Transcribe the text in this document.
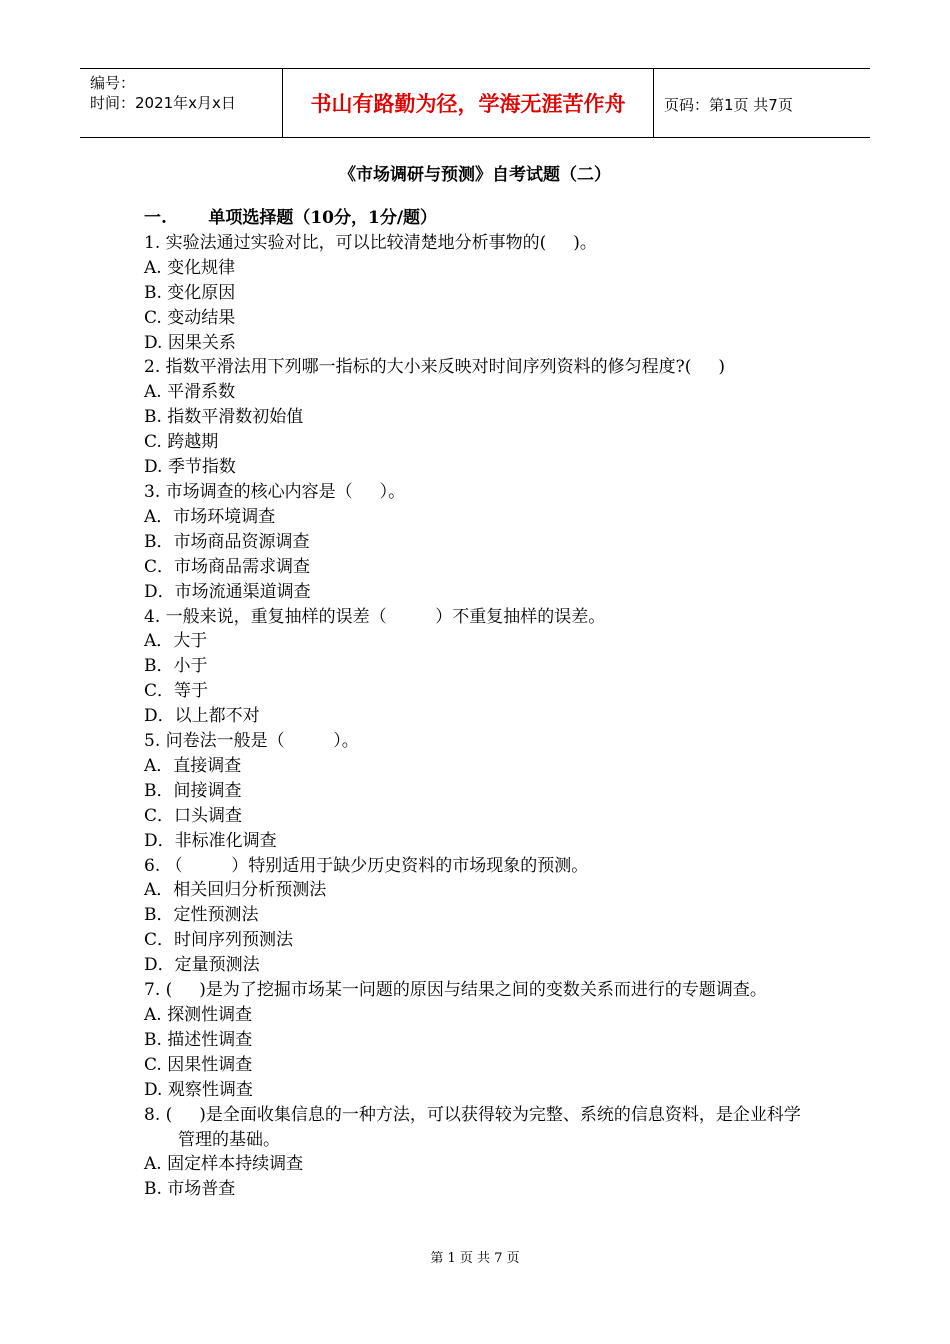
编号：
时间：2021年x月x日	书山有路勤为径，学海无涯苦作舟	页码：第1页 共7页
《市场调研与预测》自考试题（二）
一.       单项选择题（10分，1分/题）
1. 实验法通过实验对比，可以比较清楚地分析事物的(     )。
A. 变化规律
B. 变化原因
C. 变动结果
D. 因果关系
2. 指数平滑法用下列哪一指标的大小来反映对时间序列资料的修匀程度?(     )
A. 平滑系数
B. 指数平滑数初始值
C. 跨越期
D. 季节指数
3. 市场调查的核心内容是（     ）。
A．市场环境调查
B．市场商品资源调查
C．市场商品需求调查
D．市场流通渠道调查
4. 一般来说，重复抽样的误差（         ）不重复抽样的误差。
A．大于
B．小于
C．等于
D．以上都不对
5. 问卷法一般是（         ）。
A．直接调查
B．间接调查
C．口头调查
D．非标准化调查
6. （         ）特别适用于缺少历史资料的市场现象的预测。
A．相关回归分析预测法
B．定性预测法
C．时间序列预测法
D．定量预测法
7. (     )是为了挖掘市场某一问题的原因与结果之间的变数关系而进行的专题调查。
A. 探测性调查
B. 描述性调查
C. 因果性调查
D. 观察性调查
8. (     )是全面收集信息的一种方法，可以获得较为完整、系统的信息资料，是企业科学管理的基础。
A. 固定样本持续调查
B. 市场普查
第 1 页 共 7 页
